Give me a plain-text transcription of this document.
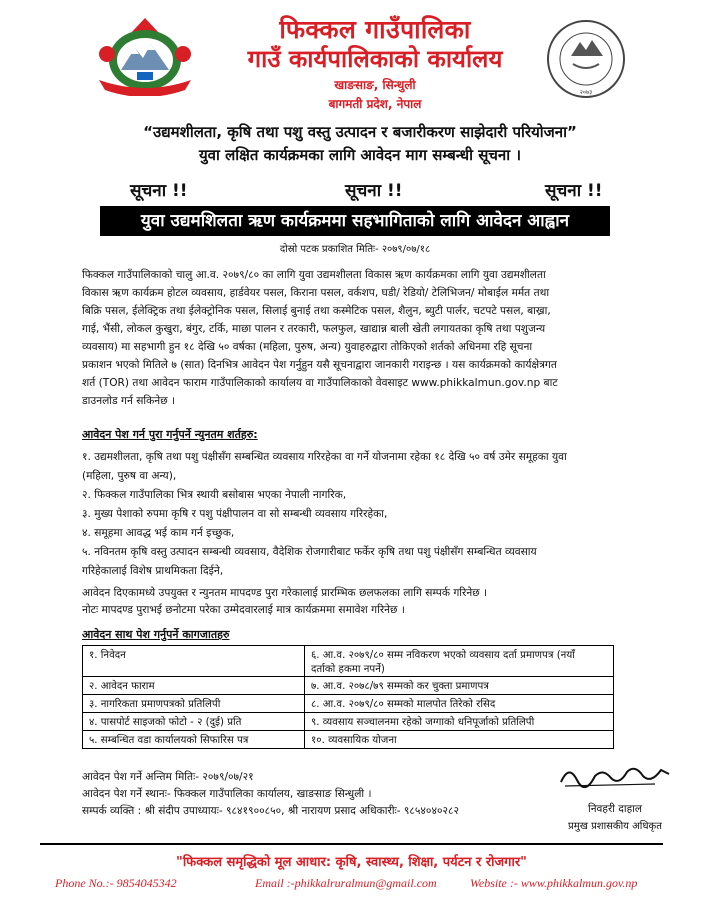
फिक्कल गाउँपालिका
गाउँ कार्यपालिकाको कार्यालय
खाङसाङ, सिन्धुली
बागमती प्रदेश, नेपाल
२०७३
“उद्यमशीलता, कृषि तथा पशु वस्तु उत्पादन र बजारीकरण साझेदारी परियोजना”
युवा लक्षित कार्यक्रमका लागि आवेदन माग सम्बन्धी सूचना ।
सूचना !!	सूचना !!	सूचना !!
युवा उद्यमशिलता ऋण कार्यक्रममा सहभागिताको लागि आवेदन आह्वान
दोस्रो पटक प्रकाशित मितिः- २०७९/०७/१८
फिक्कल गाउँपालिकाको चालु आ.व. २०७९/८० का लागि युवा उद्यमशीलता विकास ऋण कार्यक्रमका लागि युवा उद्यमशीलता
विकास ऋण कार्यक्रम होटल व्यवसाय, हार्डवेयर पसल, किराना पसल, वर्कशप, घडी/ रेडियो/ टेलिभिजन/ मोबाईल मर्मत तथा
बिक्रि पसल, ईलेक्ट्रिक तथा ईलेक्ट्रोनिक पसल, सिलाई बुनाई तथा कस्मेटिक पसल, शैलुन, ब्युटी पार्लर, चटपटे पसल, बाख्रा,
गाई, भैंसी, लोकल कुखुरा, बंगुर, टर्कि, माछा पालन र तरकारी, फलफुल, खाद्यान्न बाली खेती लगायतका कृषि तथा पशुजन्य
व्यवसाय) मा सहभागी हुन १८ देखि ५० वर्षका (महिला, पुरुष, अन्य) युवाहरुद्वारा तोकिएको शर्तको अधिनमा रहि सूचना
प्रकाशन भएको मितिले ७ (सात) दिनभित्र आवेदन पेश गर्नुहुन यसै सूचनाद्वारा जानकारी गराइन्छ । यस कार्यक्रमको कार्यक्षेत्रगत
शर्त (TOR) तथा आवेदन फाराम गाउँपालिकाको कार्यालय वा गाउँपालिकाको वेवसाइट www.phikkalmun.gov.np बाट
डाउनलोड गर्न सकिनेछ ।
आवेदन पेश गर्न पुरा गर्नुपर्ने न्युनतम शर्तहरु:
१. उद्यमशीलता, कृषि तथा पशु पंक्षीसँग सम्बन्धित व्यवसाय गरिरहेका वा गर्ने योजनामा रहेका १८ देखि ५० वर्ष उमेर समूहका युवा
(महिला, पुरुष वा अन्य),
२. फिक्कल गाउँपालिका भित्र स्थायी बसोबास भएका नेपाली नागरिक,
३. मुख्य पेशाको रुपमा कृषि र पशु पंक्षीपालन वा सो सम्बन्धी व्यवसाय गरिरहेका,
४. समूहमा आवद्ध भई काम गर्न इच्छुक,
५. नविनतम कृषि वस्तु उत्पादन सम्बन्धी व्यवसाय, वैदेशिक रोजगारीबाट फर्केर कृषि तथा पशु पंक्षीसँग सम्बन्धित व्यवसाय
गरिहेकालाई विशेष प्राथमिकता दिईने,
आवेदन दिएकामध्ये उपयुक्त र न्युनतम मापदण्ड पुरा गरेकालाई प्रारम्भिक छलफलका लागि सम्पर्क गरिनेछ ।
नोटः मापदण्ड पुराभई छनोटमा परेका उम्मेदवारलाई मात्र कार्यक्रममा समावेश गरिनेछ ।
आवेदन साथ पेश गर्नुपर्ने कागजातहरु
१. निवेदन	६. आ.व. २०७९/८० सम्म नविकरण भएको व्यवसाय दर्ता प्रमाणपत्र (नयाँ
दर्ताको हकमा नपर्ने)

२. आवेदन फाराम	७. आ.व. २०७८/७९ सम्मको कर चुक्ता प्रमाणपत्र
३. नागरिकता प्रमाणपत्रको प्रतिलिपी	८. आ.व. २०७९/८० सम्मको मालपोत तिरेको रसिद
४. पासपोर्ट साइजको फोटो - २ (दुई) प्रति	९. व्यवसाय सञ्चालनमा रहेको जग्गाको धनिपूर्जाको प्रतिलिपी
५. सम्बन्धित वडा कार्यालयको सिफारिस पत्र	१०. व्यवसायिक योजना
आवेदन पेश गर्ने अन्तिम मितिः- २०७९/०७/२१
आवेदन पेश गर्ने स्थानः- फिक्कल गाउँपालिका कार्यालय, खाङसाङ सिन्धुली ।
सम्पर्क व्यक्ति : श्री संदीप उपाध्यायः- ९८४१९००८५०, श्री नारायण प्रसाद अधिकारीः- ९८५४०४०२८२	निवहरी दाहाल
प्रमुख प्रशासकीय अधिकृत
"फिक्कल समृद्धिको मूल आधार: कृषि, स्वास्थ्य, शिक्षा, पर्यटन र रोजगार"
Phone No.:- 9854045342	Email :-phikkalruralmun@gmail.com	Website :- www.phikkalmun.gov.np
